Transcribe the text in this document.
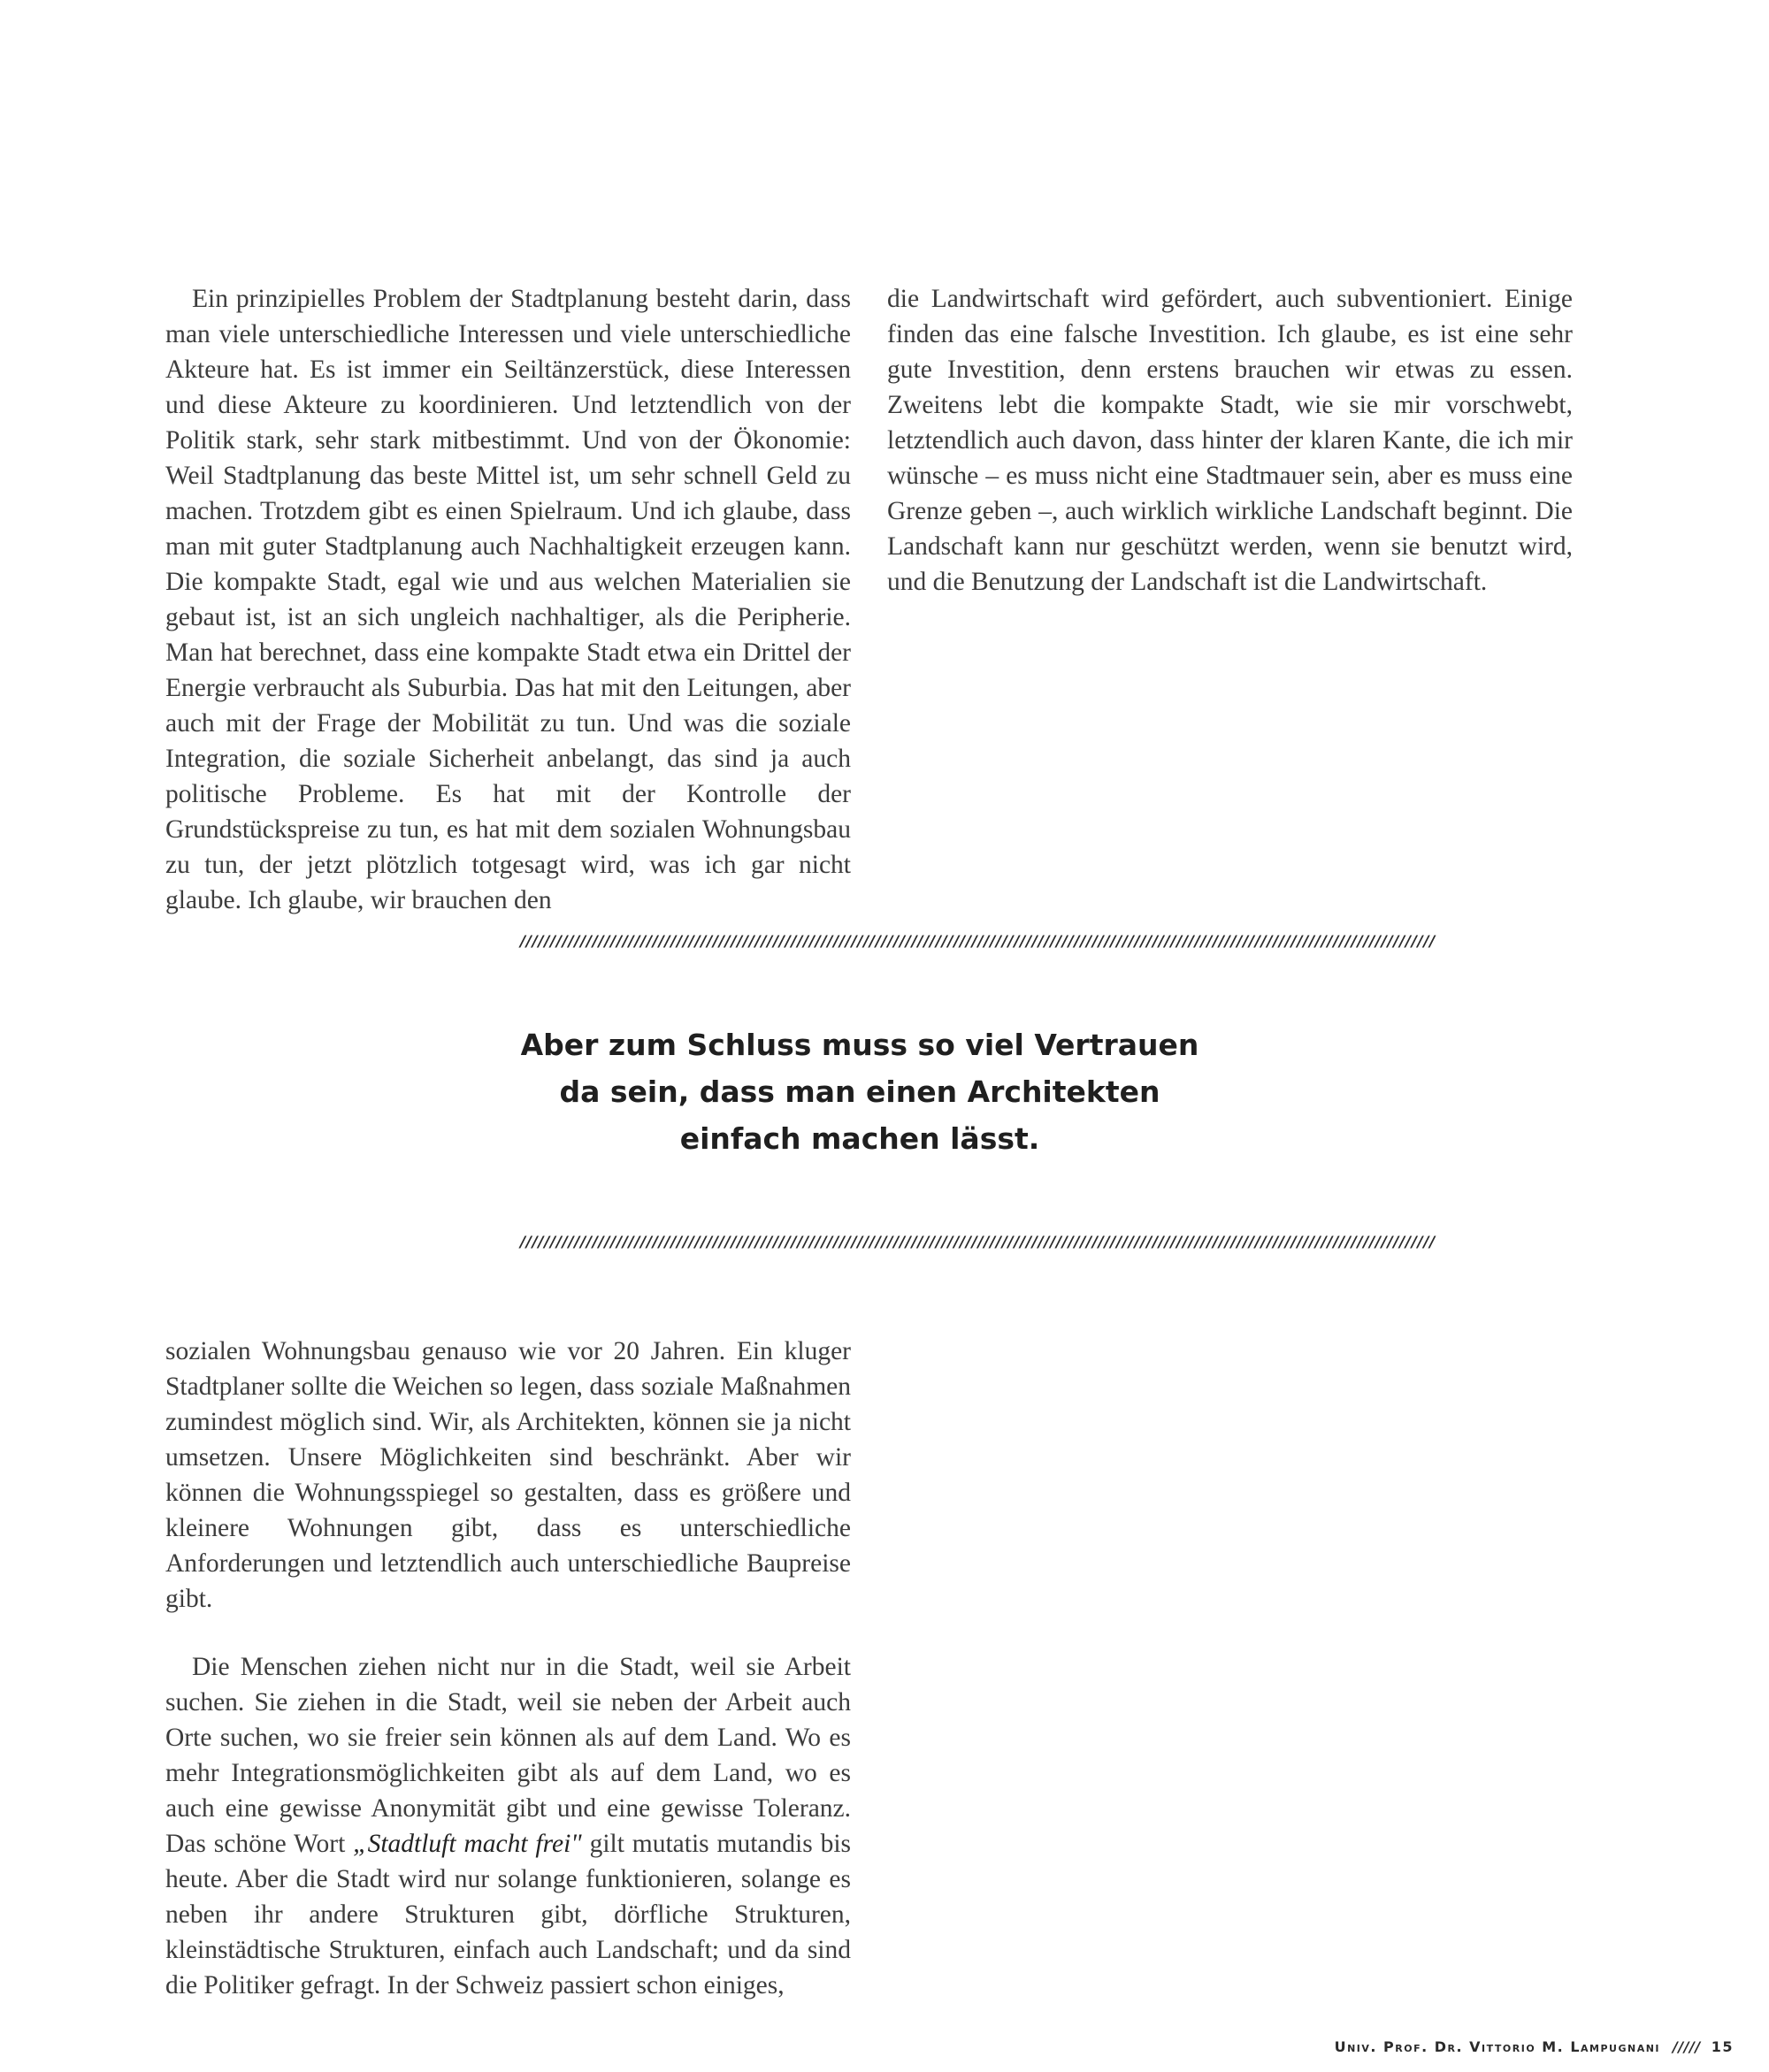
Ein prinzipielles Problem der Stadtplanung besteht darin, dass man viele unterschiedliche Interessen und viele unterschiedliche Akteure hat. Es ist immer ein Seiltänzerstück, diese Interessen und diese Akteure zu koordinieren. Und letztendlich von der Politik stark, sehr stark mitbestimmt. Und von der Ökonomie: Weil Stadtplanung das beste Mittel ist, um sehr schnell Geld zu machen. Trotzdem gibt es einen Spielraum. Und ich glaube, dass man mit guter Stadtplanung auch Nachhaltigkeit erzeugen kann. Die kompakte Stadt, egal wie und aus welchen Materialien sie gebaut ist, ist an sich ungleich nachhaltiger, als die Peripherie. Man hat berechnet, dass eine kompakte Stadt etwa ein Drittel der Energie verbraucht als Suburbia. Das hat mit den Leitungen, aber auch mit der Frage der Mobilität zu tun. Und was die soziale Integration, die soziale Sicherheit anbelangt, das sind ja auch politische Probleme. Es hat mit der Kontrolle der Grundstückspreise zu tun, es hat mit dem sozialen Wohnungsbau zu tun, der jetzt plötzlich totgesagt wird, was ich gar nicht glaube. Ich glaube, wir brauchen den

die Landwirtschaft wird gefördert, auch subventioniert. Einige finden das eine falsche Investition. Ich glaube, es ist eine sehr gute Investition, denn erstens brauchen wir etwas zu essen. Zweitens lebt die kompakte Stadt, wie sie mir vorschwebt, letztendlich auch davon, dass hinter der klaren Kante, die ich mir wünsche – es muss nicht eine Stadtmauer sein, aber es muss eine Grenze geben –, auch wirklich wirkliche Landschaft beginnt. Die Landschaft kann nur geschützt werden, wenn sie benutzt wird, und die Benutzung der Landschaft ist die Landwirtschaft.

////////////////////////////////////////////////////////////////////////////////////////////////////////////////////////////////////////////////////////
Aber zum Schluss muss so viel Vertrauen
da sein, dass man einen Architekten
einfach machen lässt.
////////////////////////////////////////////////////////////////////////////////////////////////////////////////////////////////////////////////////////

sozialen Wohnungsbau genauso wie vor 20 Jahren. Ein kluger Stadtplaner sollte die Weichen so legen, dass soziale Maßnahmen zumindest möglich sind. Wir, als Architekten, können sie ja nicht umsetzen. Unsere Möglichkeiten sind beschränkt. Aber wir können die Wohnungsspiegel so gestalten, dass es größere und kleinere Wohnungen gibt, dass es unterschiedliche Anforderungen und letztendlich auch unterschiedliche Baupreise gibt.

Die Menschen ziehen nicht nur in die Stadt, weil sie Arbeit suchen. Sie ziehen in die Stadt, weil sie neben der Arbeit auch Orte suchen, wo sie freier sein können als auf dem Land. Wo es mehr Integrationsmöglichkeiten gibt als auf dem Land, wo es auch eine gewisse Anonymität gibt und eine gewisse Toleranz. Das schöne Wort „Stadtluft macht frei" gilt mutatis mutandis bis heute. Aber die Stadt wird nur solange funktionieren, solange es neben ihr andere Strukturen gibt, dörfliche Strukturen, kleinstädtische Strukturen, einfach auch Landschaft; und da sind die Politiker gefragt. In der Schweiz passiert schon einiges,

Univ. Prof. Dr. Vittorio M. Lampugnani ///// 15
